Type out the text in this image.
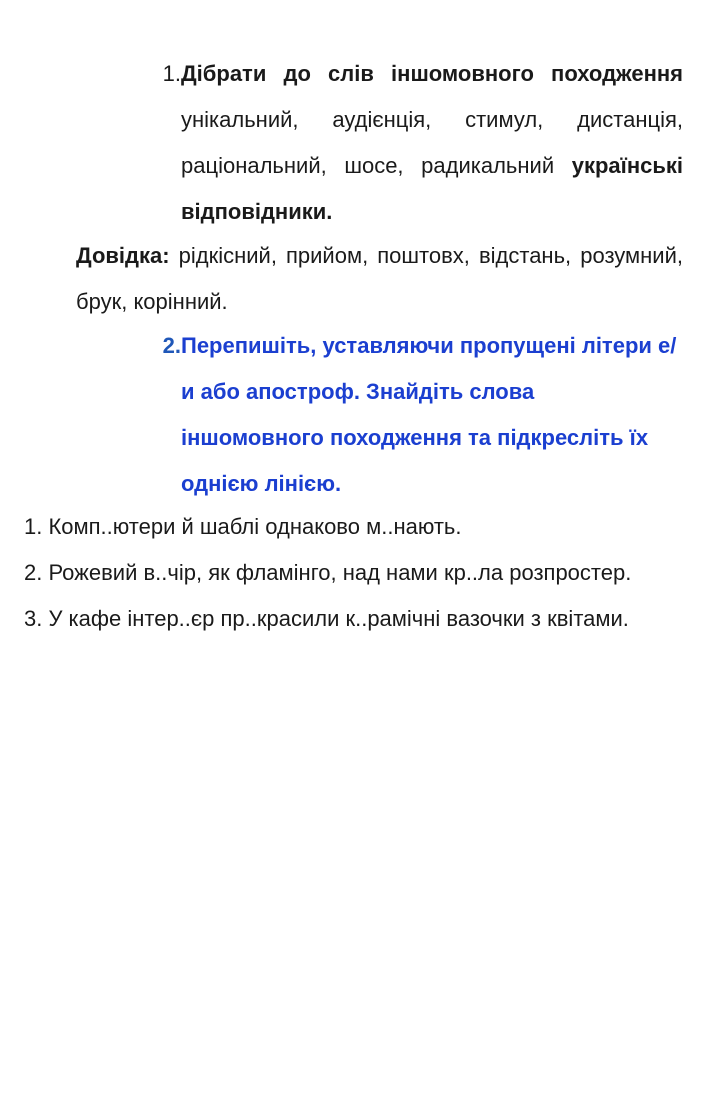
1. Дібрати до слів іншомовного походження унікальний, аудієнція, стимул, дистанція, раціональний, шосе, радикальний українські відповідники.
Довідка: рідкісний, прийом, поштовх, відстань, розумний, брук, корінний.
2. Перепишіть, уставляючи пропущені літери е/и або апостроф. Знайдіть слова іншомовного походження та підкресліть їх однією лінією.

1. Комп..ютери й шаблі однаково м..нають.

2. Рожевий в..чір, як фламінго, над нами кр..ла розпростер.

3. У кафе інтер..єр пр..красили к..рамічні вазочки з квітами.
